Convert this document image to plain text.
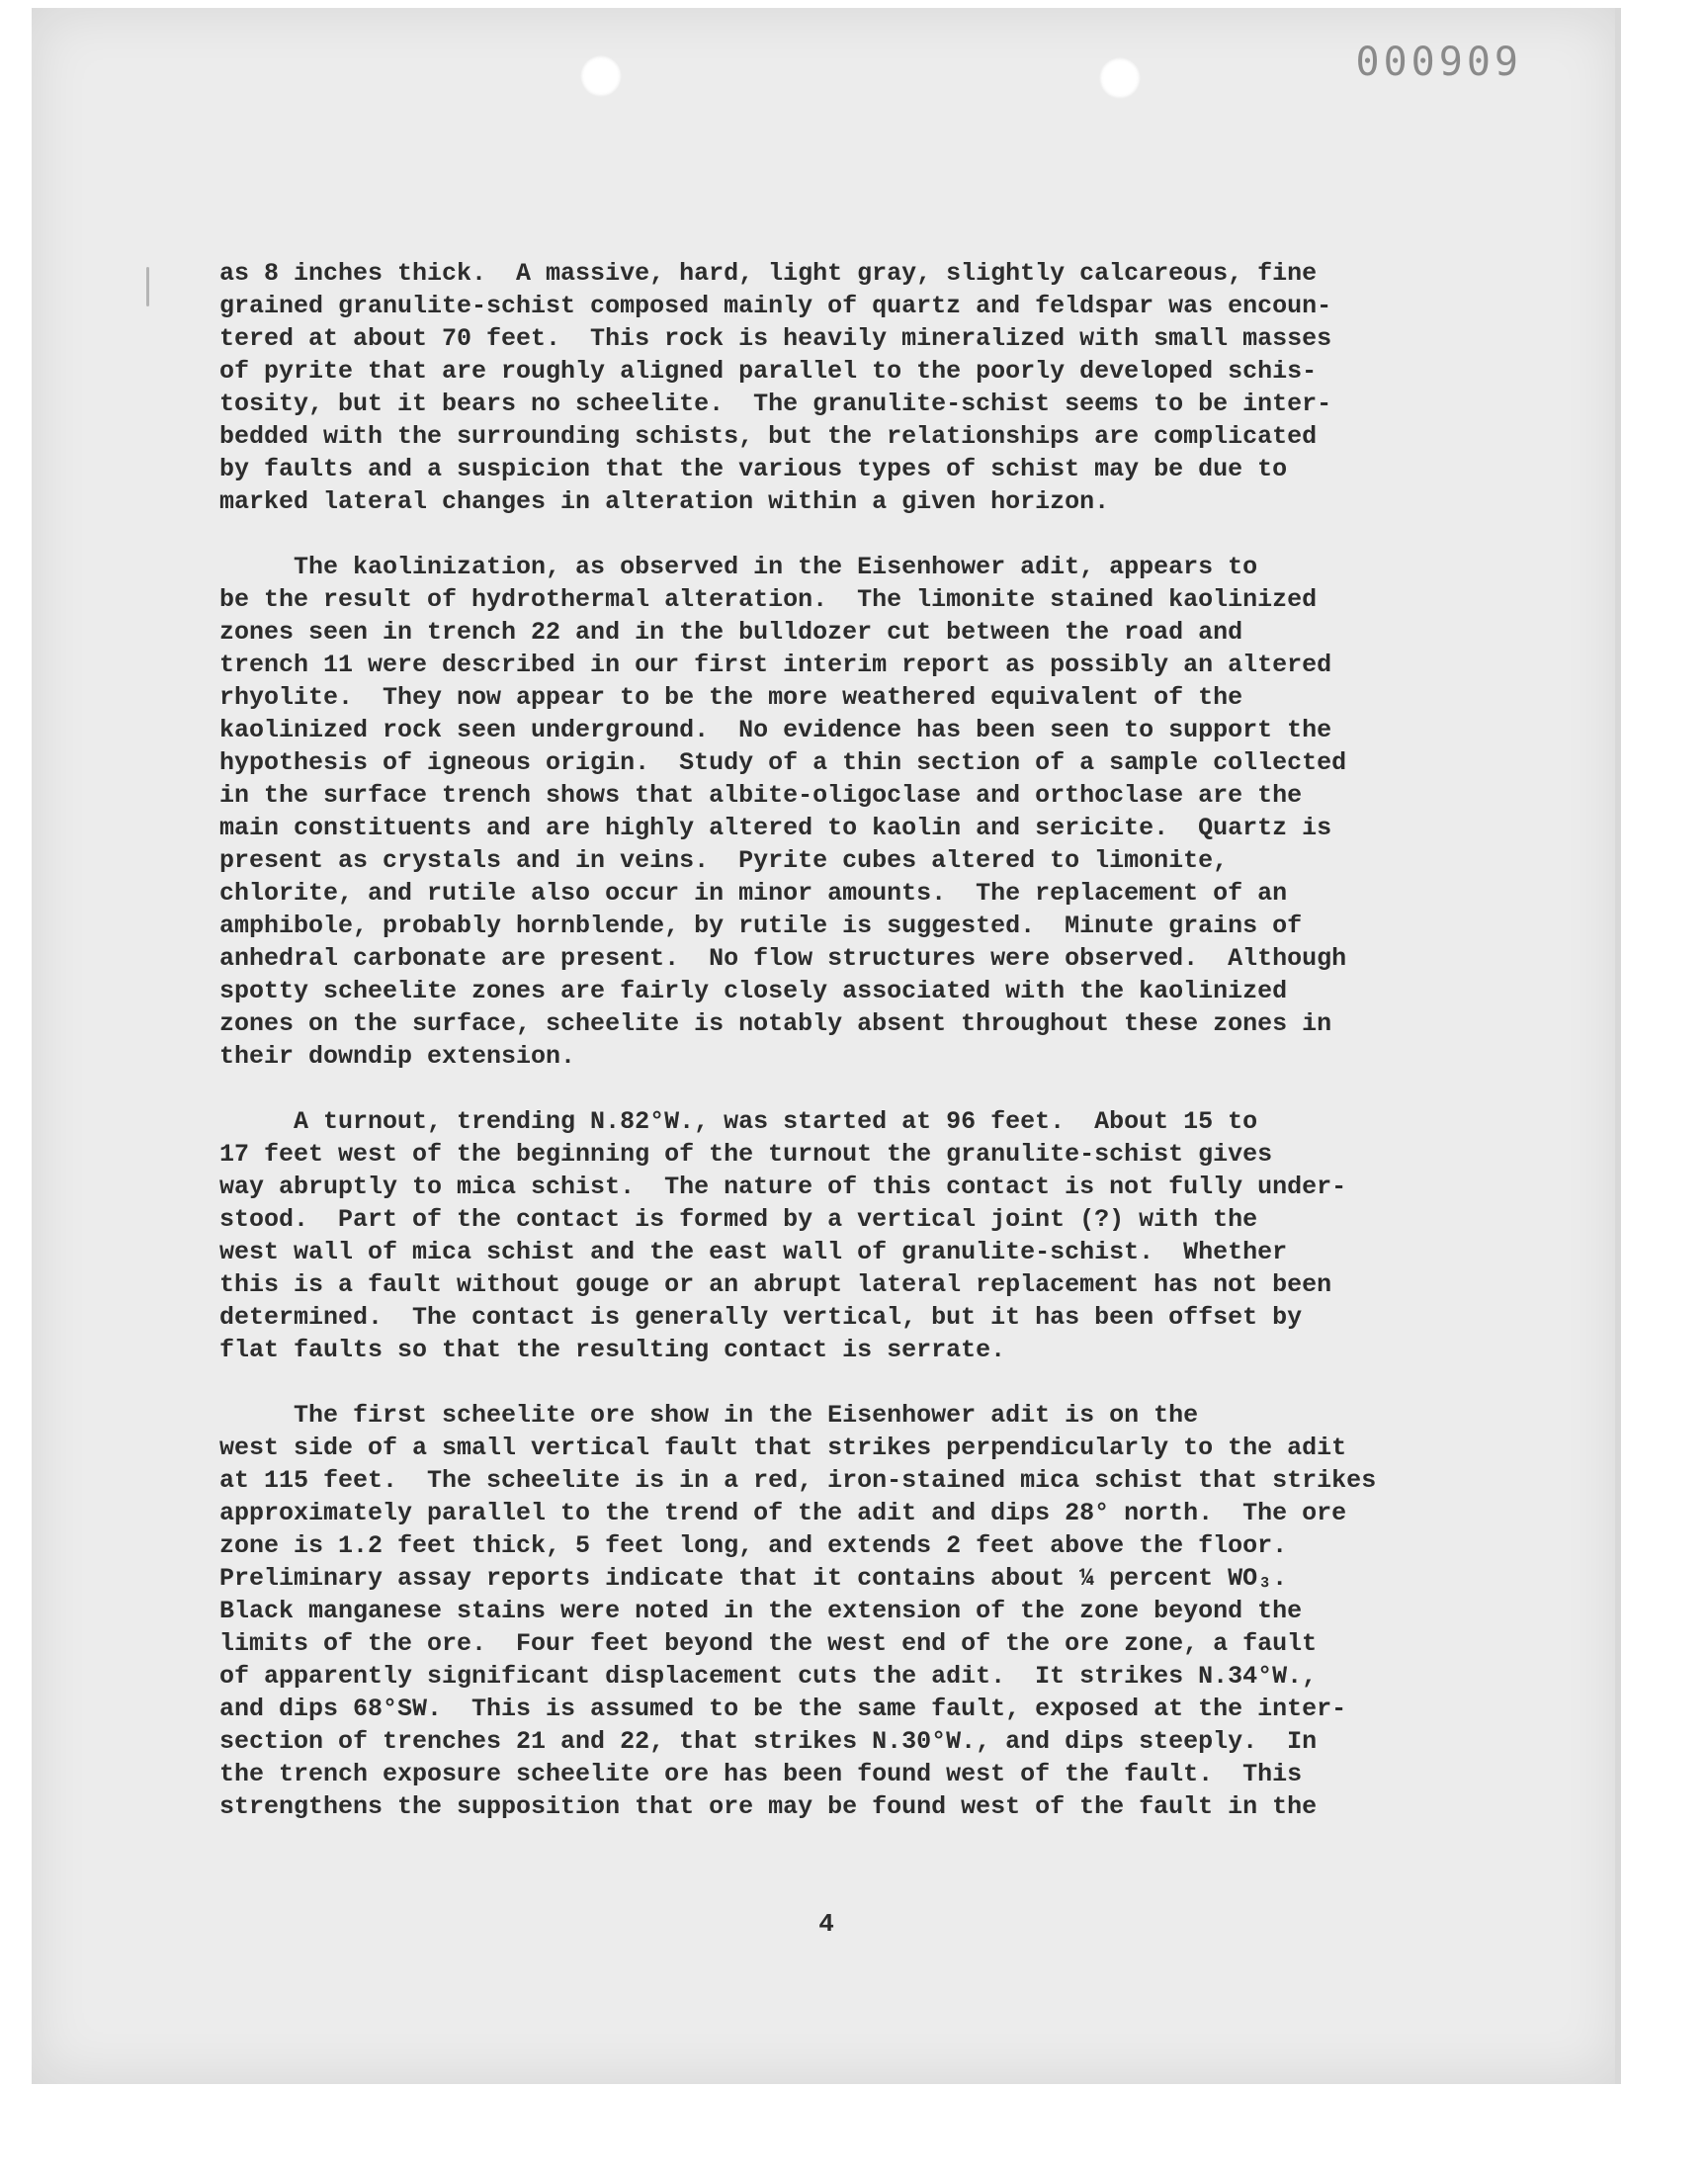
000909
as 8 inches thick.  A massive, hard, light gray, slightly calcareous, fine
grained granulite-schist composed mainly of quartz and feldspar was encoun-
tered at about 70 feet.  This rock is heavily mineralized with small masses
of pyrite that are roughly aligned parallel to the poorly developed schis-
tosity, but it bears no scheelite.  The granulite-schist seems to be inter-
bedded with the surrounding schists, but the relationships are complicated
by faults and a suspicion that the various types of schist may be due to
marked lateral changes in alteration within a given horizon.
The kaolinization, as observed in the Eisenhower adit, appears to
be the result of hydrothermal alteration.  The limonite stained kaolinized
zones seen in trench 22 and in the bulldozer cut between the road and
trench 11 were described in our first interim report as possibly an altered
rhyolite.  They now appear to be the more weathered equivalent of the
kaolinized rock seen underground.  No evidence has been seen to support the
hypothesis of igneous origin.  Study of a thin section of a sample collected
in the surface trench shows that albite-oligoclase and orthoclase are the
main constituents and are highly altered to kaolin and sericite.  Quartz is
present as crystals and in veins.  Pyrite cubes altered to limonite,
chlorite, and rutile also occur in minor amounts.  The replacement of an
amphibole, probably hornblende, by rutile is suggested.  Minute grains of
anhedral carbonate are present.  No flow structures were observed.  Although
spotty scheelite zones are fairly closely associated with the kaolinized
zones on the surface, scheelite is notably absent throughout these zones in
their downdip extension.
A turnout, trending N.82°W., was started at 96 feet.  About 15 to
17 feet west of the beginning of the turnout the granulite-schist gives
way abruptly to mica schist.  The nature of this contact is not fully under-
stood.  Part of the contact is formed by a vertical joint (?) with the
west wall of mica schist and the east wall of granulite-schist.  Whether
this is a fault without gouge or an abrupt lateral replacement has not been
determined.  The contact is generally vertical, but it has been offset by
flat faults so that the resulting contact is serrate.
The first scheelite ore show in the Eisenhower adit is on the
west side of a small vertical fault that strikes perpendicularly to the adit
at 115 feet.  The scheelite is in a red, iron-stained mica schist that strikes
approximately parallel to the trend of the adit and dips 28° north.  The ore
zone is 1.2 feet thick, 5 feet long, and extends 2 feet above the floor.
Preliminary assay reports indicate that it contains about ¼ percent WO₃.
Black manganese stains were noted in the extension of the zone beyond the
limits of the ore.  Four feet beyond the west end of the ore zone, a fault
of apparently significant displacement cuts the adit.  It strikes N.34°W.,
and dips 68°SW.  This is assumed to be the same fault, exposed at the inter-
section of trenches 21 and 22, that strikes N.30°W., and dips steeply.  In
the trench exposure scheelite ore has been found west of the fault.  This
strengthens the supposition that ore may be found west of the fault in the
4
